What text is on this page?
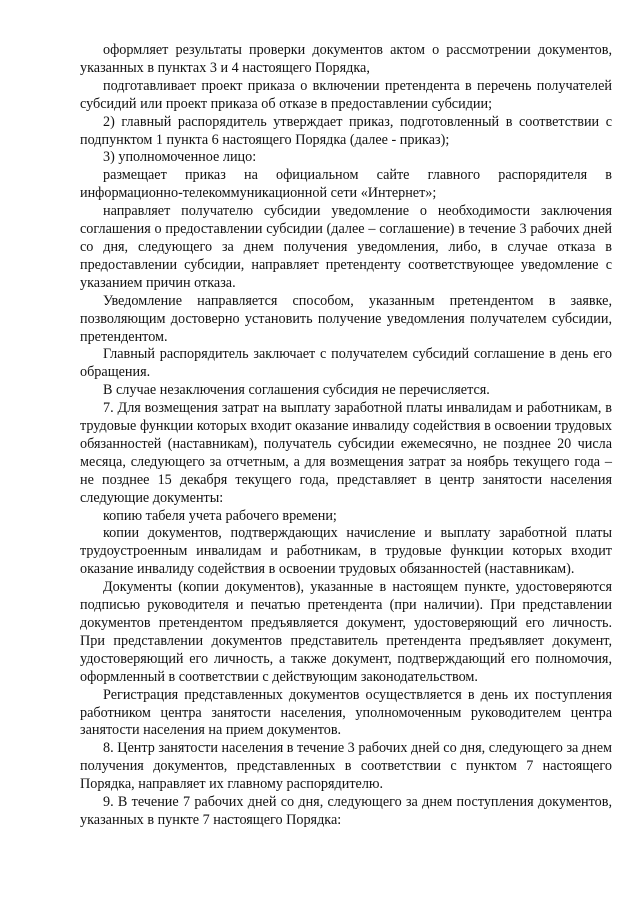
оформляет результаты проверки документов актом о рассмотрении документов, указанных в пунктах 3 и 4 настоящего Порядка,

подготавливает проект приказа о включении претендента в перечень получателей субсидий или проект приказа об отказе в предоставлении субсидии;

2) главный распорядитель утверждает приказ, подготовленный в соответствии с подпунктом 1 пункта 6 настоящего Порядка (далее - приказ);

3) уполномоченное лицо:

размещает приказ на официальном сайте главного распорядителя в информационно-телекоммуникационной сети «Интернет»;

направляет получателю субсидии уведомление о необходимости заключения соглашения о предоставлении субсидии (далее – соглашение) в течение 3 рабочих дней со дня, следующего за днем получения уведомления, либо, в случае отказа в предоставлении субсидии, направляет претенденту соответствующее уведомление с указанием причин отказа.

Уведомление направляется способом, указанным претендентом в заявке, позволяющим достоверно установить получение уведомления получателем субсидии, претендентом.

Главный распорядитель заключает с получателем субсидий соглашение в день его обращения.

В случае незаключения соглашения субсидия не перечисляется.

7. Для возмещения затрат на выплату заработной платы инвалидам и работникам, в трудовые функции которых входит оказание инвалиду содействия в освоении трудовых обязанностей (наставникам), получатель субсидии ежемесячно, не позднее 20 числа месяца, следующего за отчетным, а для возмещения затрат за ноябрь текущего года – не позднее 15 декабря текущего года, представляет в центр занятости населения следующие документы:

копию табеля учета рабочего времени;

копии документов, подтверждающих начисление и выплату заработной платы трудоустроенным инвалидам и работникам, в трудовые функции которых входит оказание инвалиду содействия в освоении трудовых обязанностей (наставникам).

Документы (копии документов), указанные в настоящем пункте, удостоверяются подписью руководителя и печатью претендента (при наличии). При представлении документов претендентом предъявляется документ, удостоверяющий его личность. При представлении документов представитель претендента предъявляет документ, удостоверяющий его личность, а также документ, подтверждающий его полномочия, оформленный в соответствии с действующим законодательством.

Регистрация представленных документов осуществляется в день их поступления работником центра занятости населения, уполномоченным руководителем центра занятости населения на прием документов.

8. Центр занятости населения в течение 3 рабочих дней со дня, следующего за днем получения документов, представленных в соответствии с пунктом 7 настоящего Порядка, направляет их главному распорядителю.

9. В течение 7 рабочих дней со дня, следующего за днем поступления документов, указанных в пункте 7 настоящего Порядка:
